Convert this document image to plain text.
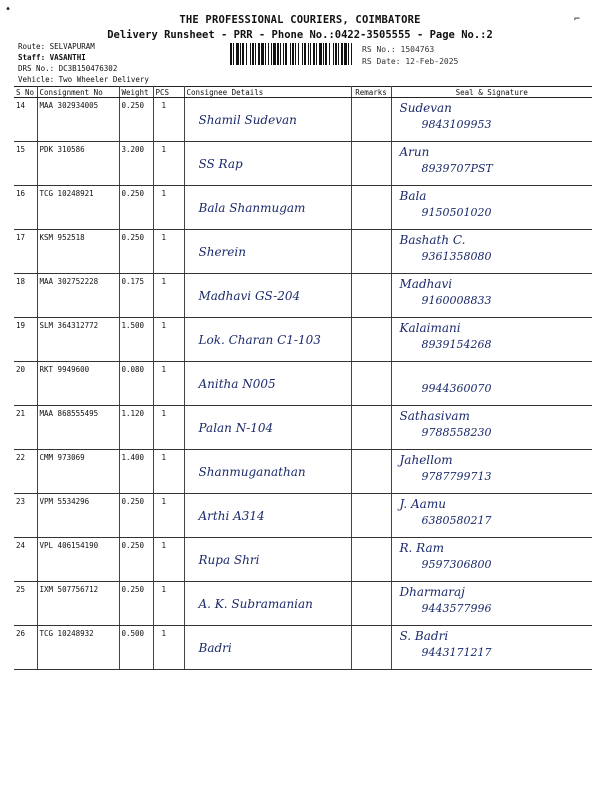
THE PROFESSIONAL COURIERS, COIMBATORE
Delivery Runsheet - PRR - Phone No.:0422-3505555 - Page No.:2
•
⌐
Route: SELVAPURAM
Staff: VASANTHI
DRS No.: DC3B150476302
Vehicle: Two Wheeler Delivery
RS No.: 1504763
RS Date: 12-Feb-2025
S No	Consignment No	Weight	PCS	Consignee Details	Remarks	Seal & Signature
14	MAA 302934005	0.250	1	Shamil Sudevan		Sudevan
9843109953

15	PDK 310586	3.200	1	SS Rap		Arun
8939707PST

16	TCG 10248921	0.250	1	Bala Shanmugam		Bala
9150501020

17	KSM 952518	0.250	1	Sherein		Bashath C.
9361358080

18	MAA 302752228	0.175	1	Madhavi GS-204		Madhavi
9160008833

19	SLM 364312772	1.500	1	Lok. Charan C1-103		Kalaimani
8939154268

20	RKT 9949600	0.080	1	Anitha N005		9944360070

21	MAA 868555495	1.120	1	Palan N-104		Sathasivam
9788558230

22	CMM 973069	1.400	1	Shanmuganathan		Jahellom
9787799713

23	VPM 5534296	0.250	1	Arthi A314		J. Aamu
6380580217

24	VPL 406154190	0.250	1	Rupa Shri		R. Ram
9597306800

25	IXM 507756712	0.250	1	A. K. Subramanian		Dharmaraj
9443577996

26	TCG 10248932	0.500	1	Badri		S. Badri
9443171217
